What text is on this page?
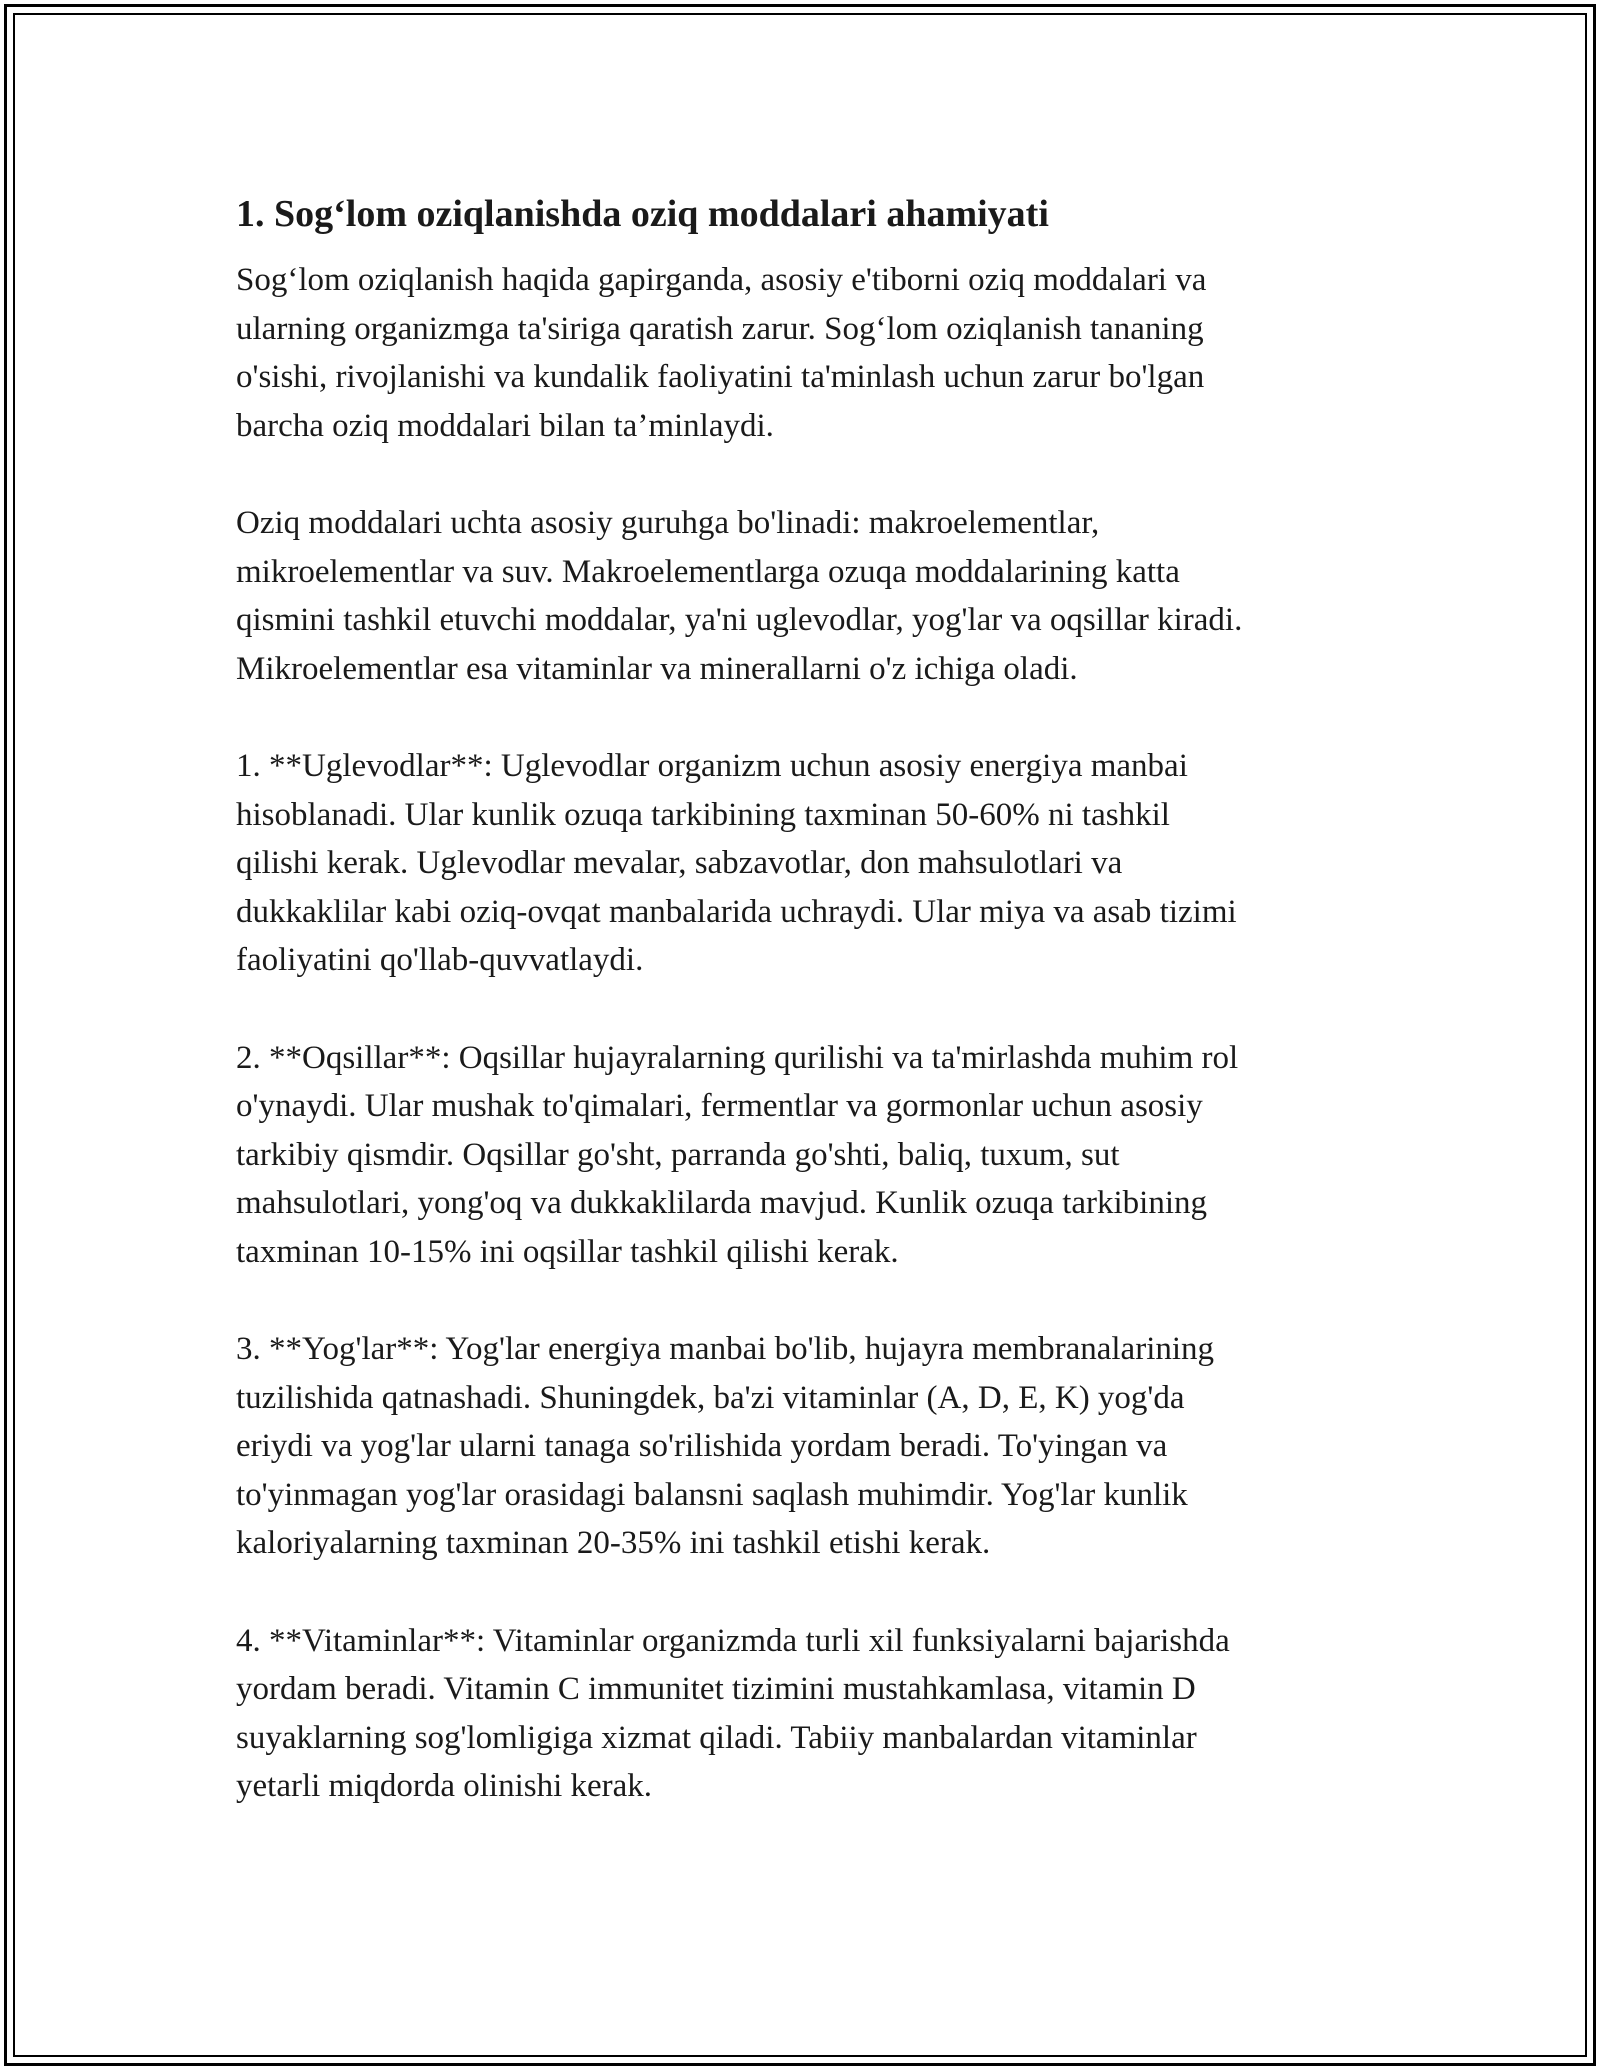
1. Sog‘lom oziqlanishda oziq moddalari ahamiyati

Sog‘lom oziqlanish haqida gapirganda, asosiy e'tiborni oziq moddalari va
ularning organizmga ta'siriga qaratish zarur. Sog‘lom oziqlanish tananing
o'sishi, rivojlanishi va kundalik faoliyatini ta'minlash uchun zarur bo'lgan
barcha oziq moddalari bilan ta’minlaydi.

Oziq moddalari uchta asosiy guruhga bo'linadi: makroelementlar,
mikroelementlar va suv. Makroelementlarga ozuqa moddalarining katta
qismini tashkil etuvchi moddalar, ya'ni uglevodlar, yog'lar va oqsillar kiradi.
Mikroelementlar esa vitaminlar va minerallarni o'z ichiga oladi.

1. **Uglevodlar**: Uglevodlar organizm uchun asosiy energiya manbai
hisoblanadi. Ular kunlik ozuqa tarkibining taxminan 50-60% ni tashkil
qilishi kerak. Uglevodlar mevalar, sabzavotlar, don mahsulotlari va
dukkaklilar kabi oziq-ovqat manbalarida uchraydi. Ular miya va asab tizimi
faoliyatini qo'llab-quvvatlaydi.

2. **Oqsillar**: Oqsillar hujayralarning qurilishi va ta'mirlashda muhim rol
o'ynaydi. Ular mushak to'qimalari, fermentlar va gormonlar uchun asosiy
tarkibiy qismdir. Oqsillar go'sht, parranda go'shti, baliq, tuxum, sut
mahsulotlari, yong'oq va dukkaklilarda mavjud. Kunlik ozuqa tarkibining
taxminan 10-15% ini oqsillar tashkil qilishi kerak.

3. **Yog'lar**: Yog'lar energiya manbai bo'lib, hujayra membranalarining
tuzilishida qatnashadi. Shuningdek, ba'zi vitaminlar (A, D, E, K) yog'da
eriydi va yog'lar ularni tanaga so'rilishida yordam beradi. To'yingan va
to'yinmagan yog'lar orasidagi balansni saqlash muhimdir. Yog'lar kunlik
kaloriyalarning taxminan 20-35% ini tashkil etishi kerak.

4. **Vitaminlar**: Vitaminlar organizmda turli xil funksiyalarni bajarishda
yordam beradi. Vitamin C immunitet tizimini mustahkamlasa, vitamin D
suyaklarning sog'lomligiga xizmat qiladi. Tabiiy manbalardan vitaminlar
yetarli miqdorda olinishi kerak.
